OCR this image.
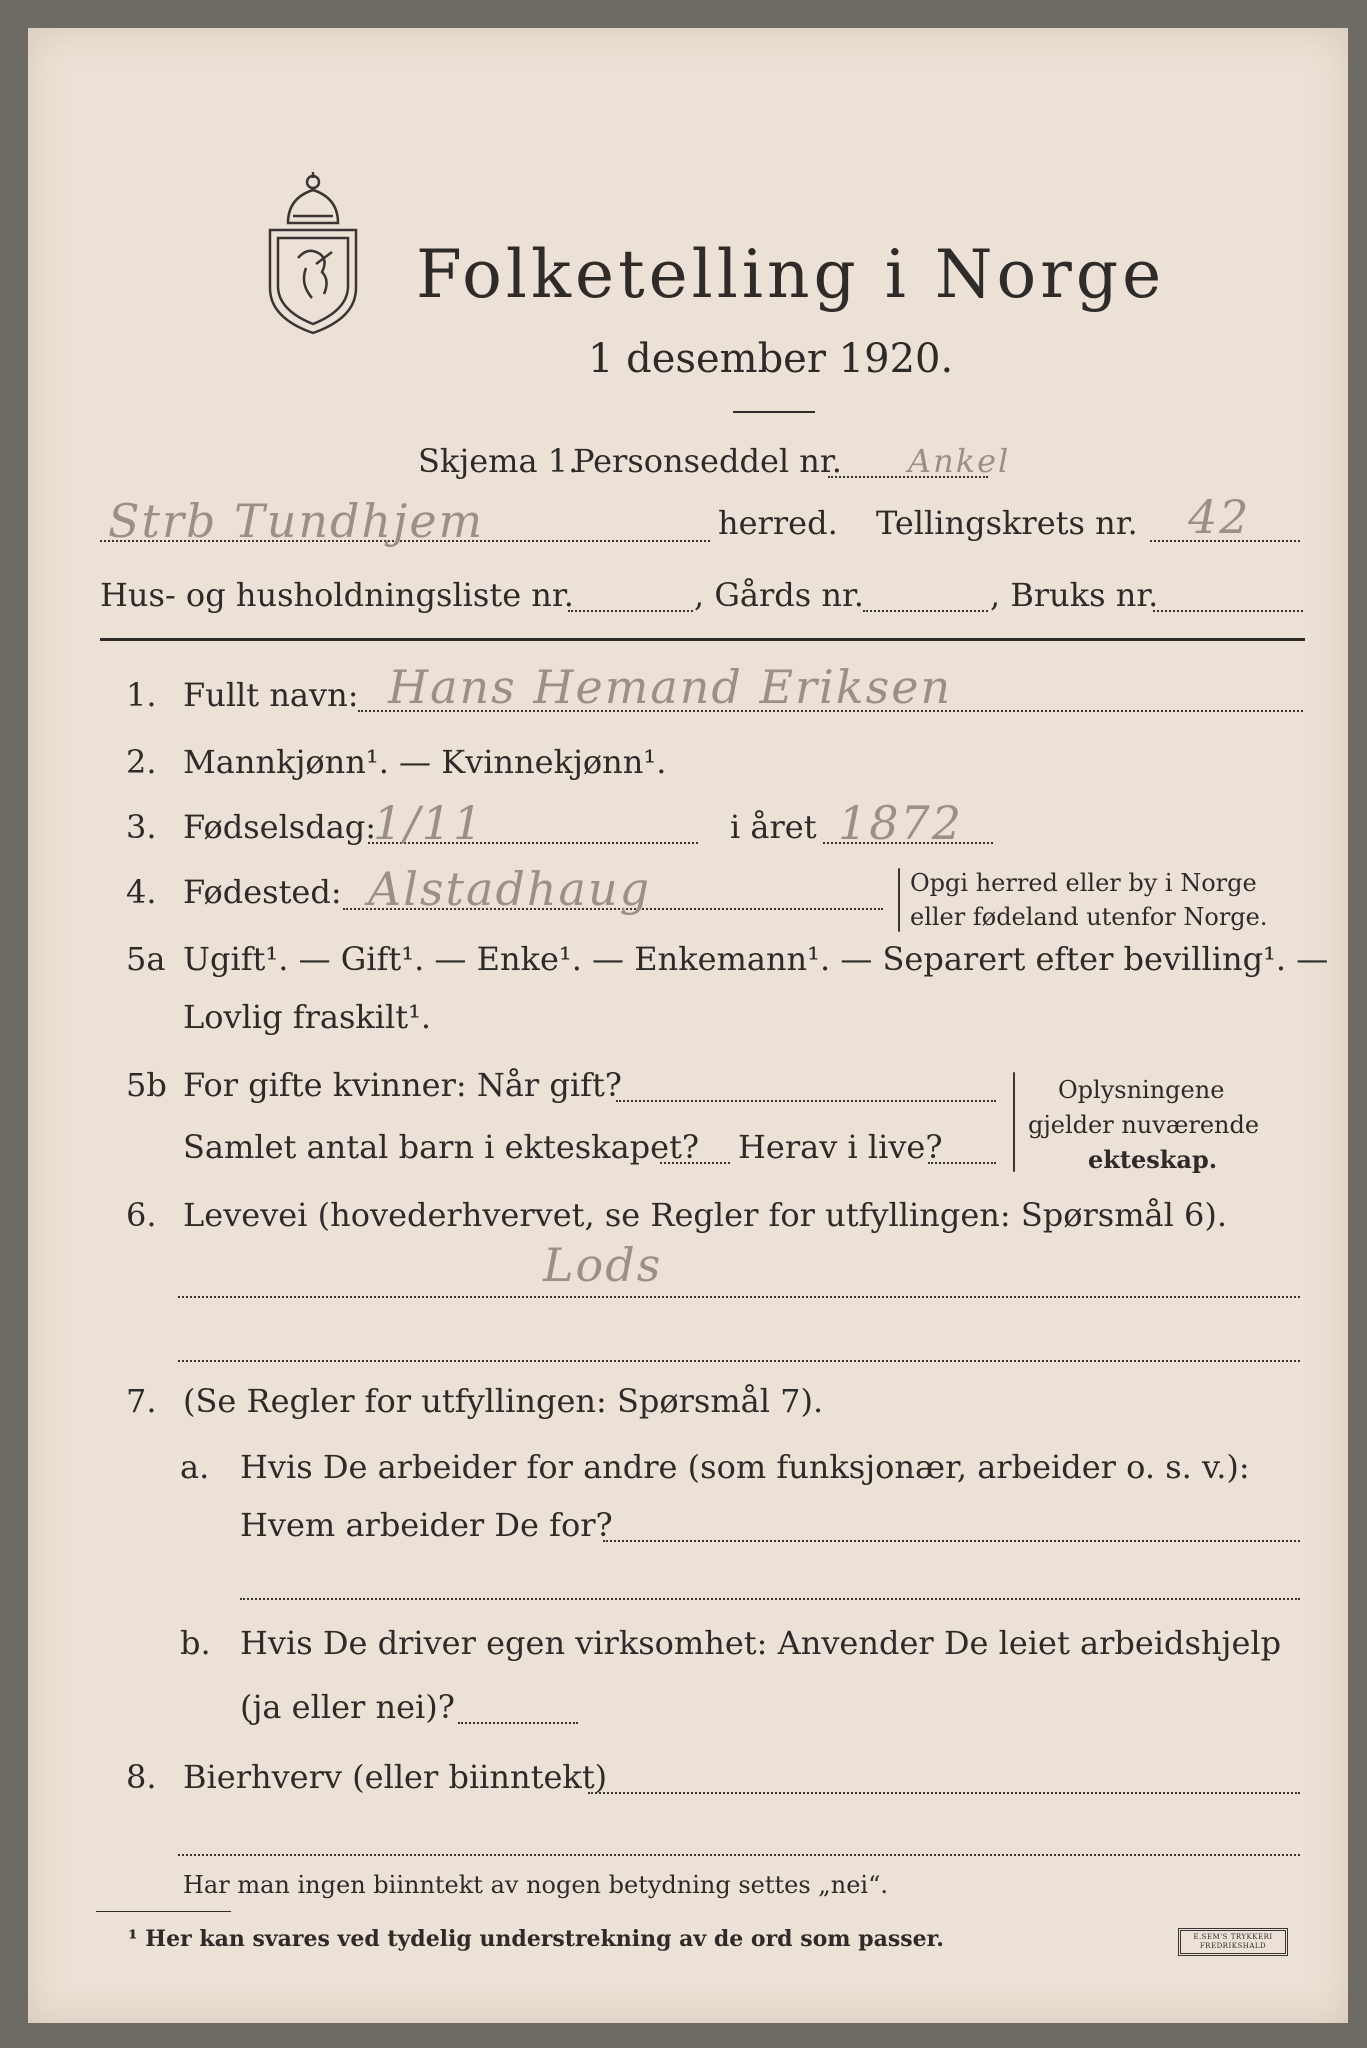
Folketelling i Norge
1 desember 1920.
Skjema 1.
Personseddel nr. Ankel
Strb Tundhjem	herred. Tellingskrets nr. 42
Hus- og husholdningsliste nr.	, Gårds nr.	, Bruks nr.
1. Fullt navn: Hans Hemand Eriksen
2. Mannkjønn¹. — Kvinnekjønn¹.
3. Fødselsdag:
1/11	i året 1872
4. Fødested: Alstadhaug	Opgi herred eller by i Norge
eller fødeland utenfor Norge.
5a Ugift¹. — Gift¹. — Enke¹. — Enkemann¹. — Separert efter bevilling¹. —
Lovlig fraskilt¹.
5b For gifte kvinner: Når gift?
Samlet antal barn i ekteskapet? Herav i live?
Oplysningene
gjelder nuværende
ekteskap.
6. Levevei (hovederhvervet, se Regler for utfyllingen: Spørsmål 6).
Lods
7. (Se Regler for utfyllingen: Spørsmål 7).
a. Hvis De arbeider for andre (som funksjonær, arbeider o. s. v.):
Hvem arbeider De for?
b. Hvis De driver egen virksomhet: Anvender De leiet arbeidshjelp
(ja eller nei)?
8. Bierhverv (eller biinntekt)
Har man ingen biinntekt av nogen betydning settes „nei“.
¹ Her kan svares ved tydelig understrekning av de ord som passer.	E.SEM'S TRYKKERI FREDRIKSHALD
